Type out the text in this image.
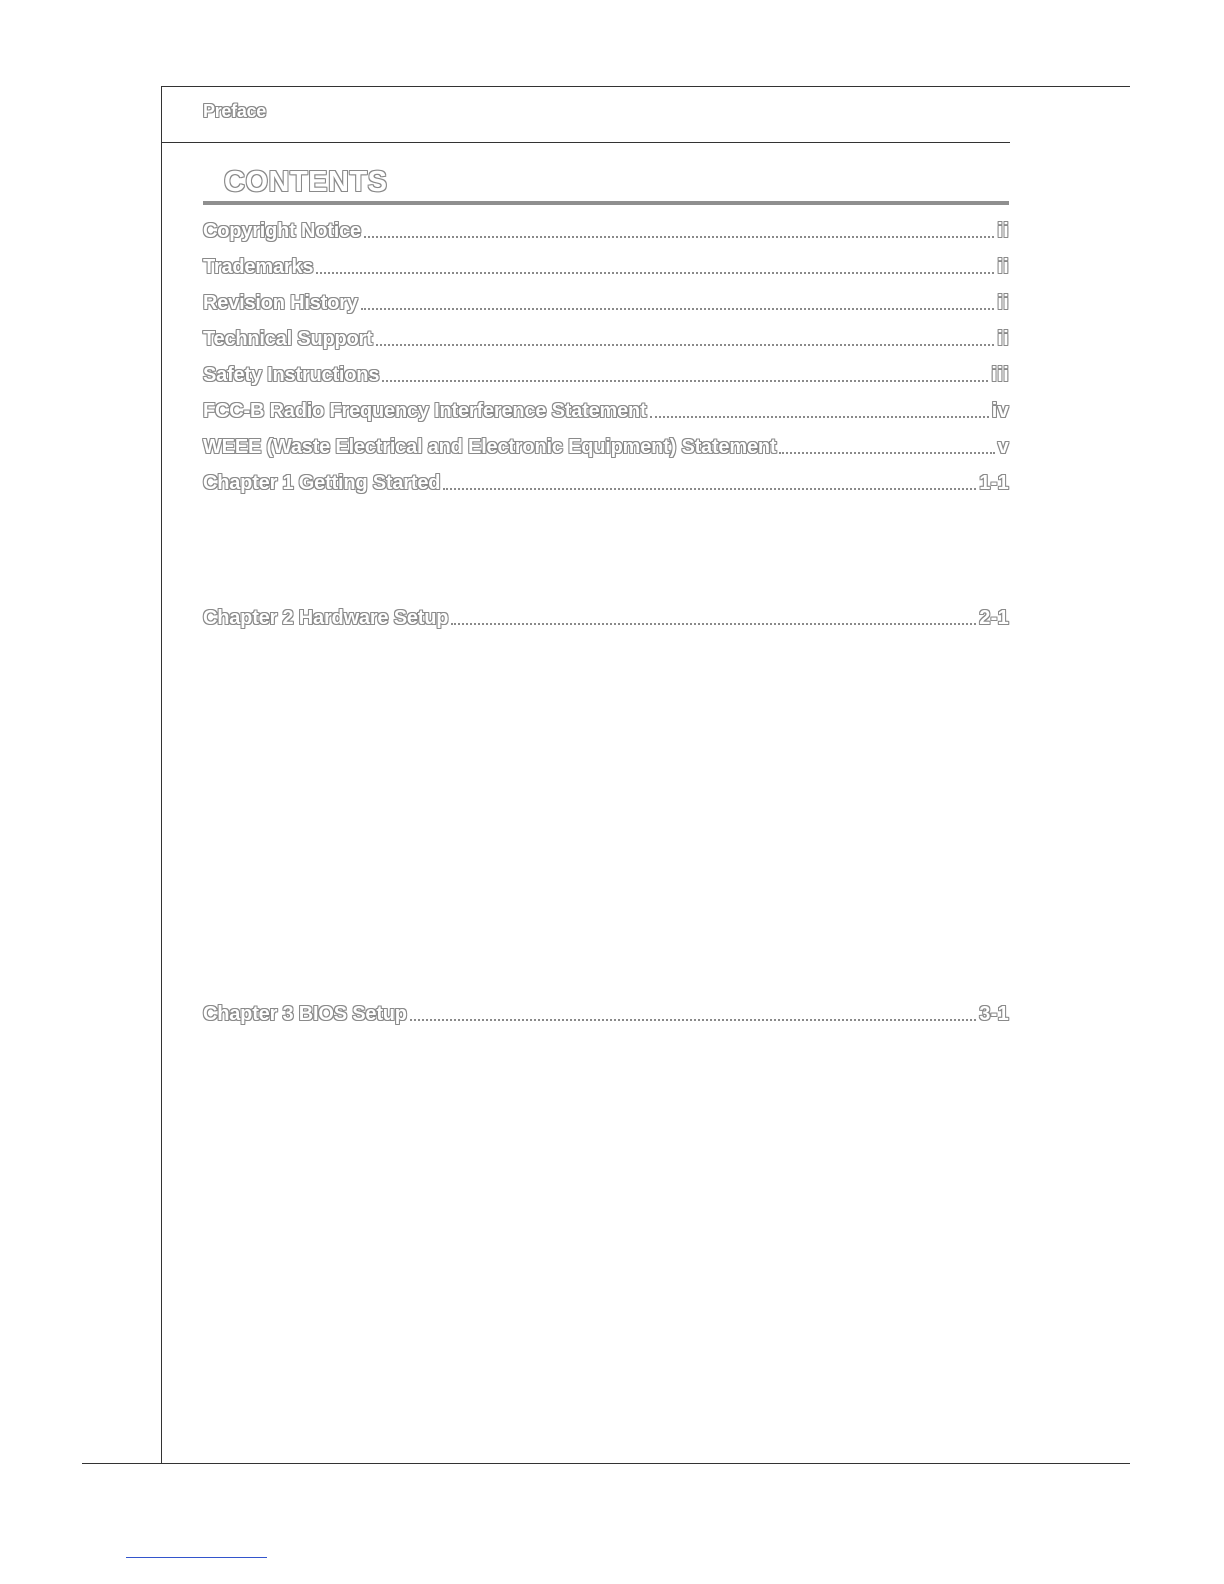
Preface
CONTENTS
Copyright Notice	ii
Trademarks	ii
Revision History	ii
Technical Support	ii
Safety Instructions	iii
FCC-B Radio Frequency Interference Statement	iv
WEEE (Waste Electrical and Electronic Equipment) Statement	v
Chapter 1 Getting Started	1-1
Chapter 2 Hardware Setup	2-1
Chapter 3 BIOS Setup	3-1
